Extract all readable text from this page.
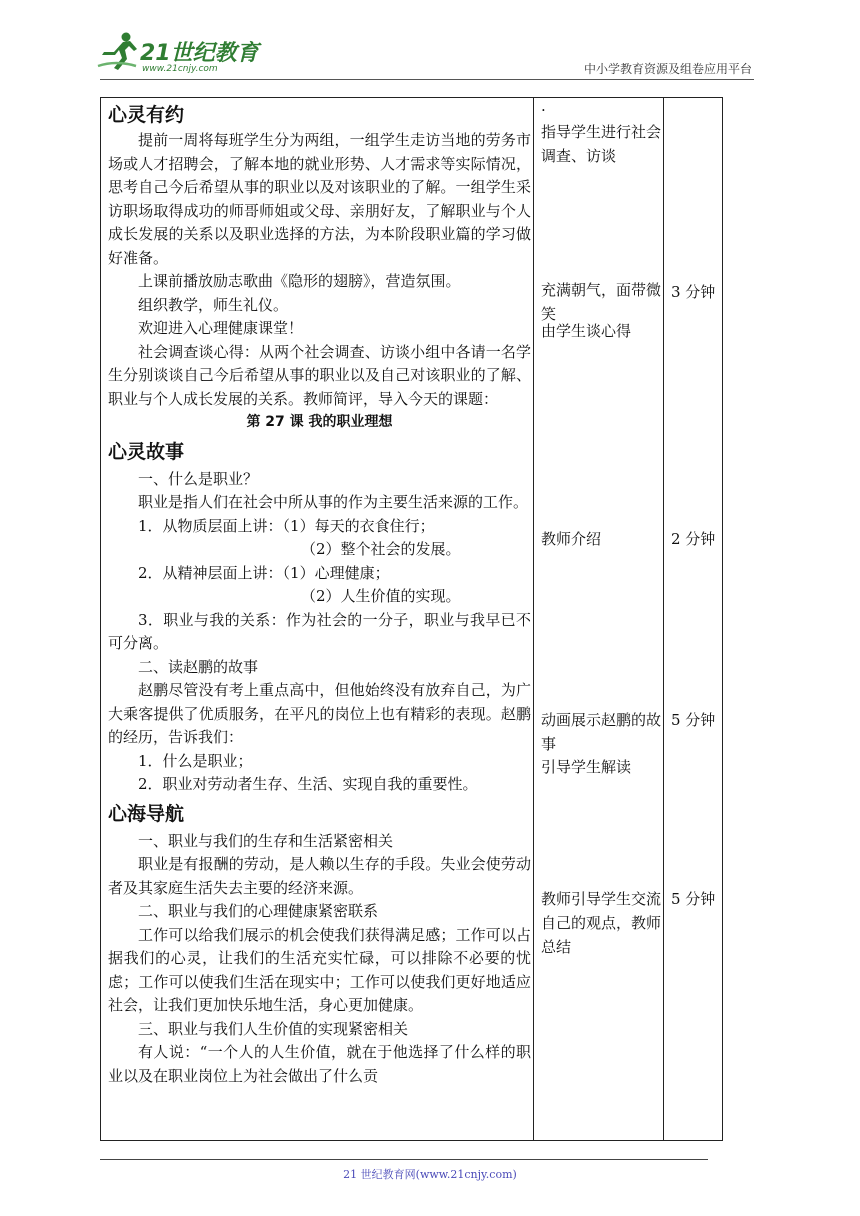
21世纪教育
www.21cnjy.com	中小学教育资源及组卷应用平台
心灵有约

提前一周将每班学生分为两组，一组学生走访当地的劳务市场或人才招聘会，了解本地的就业形势、人才需求等实际情况，思考自己今后希望从事的职业以及对该职业的了解。一组学生采访职场取得成功的师哥师姐或父母、亲朋好友，了解职业与个人成长发展的关系以及职业选择的方法，为本阶段职业篇的学习做好准备。

上课前播放励志歌曲《隐形的翅膀》，营造氛围。

组织教学，师生礼仪。

欢迎进入心理健康课堂！

社会调查谈心得：从两个社会调查、访谈小组中各请一名学生分别谈谈自己今后希望从事的职业以及自己对该职业的了解、职业与个人成长发展的关系。教师简评，导入今天的课题：

第 27 课 我的职业理想

心灵故事

一、什么是职业？

职业是指人们在社会中所从事的作为主要生活来源的工作。

1．从物质层面上讲：（1）每天的衣食住行；

（2）整个社会的发展。

2．从精神层面上讲：（1）心理健康；

（2）人生价值的实现。

3．职业与我的关系：作为社会的一分子，职业与我早已不可分离。

二、读赵鹏的故事

赵鹏尽管没有考上重点高中，但他始终没有放弃自己，为广大乘客提供了优质服务，在平凡的岗位上也有精彩的表现。赵鹏的经历，告诉我们：

1．什么是职业；

2．职业对劳动者生存、生活、实现自我的重要性。

心海导航

一、职业与我们的生存和生活紧密相关

职业是有报酬的劳动，是人赖以生存的手段。失业会使劳动者及其家庭生活失去主要的经济来源。

二、职业与我们的心理健康紧密联系

工作可以给我们展示的机会使我们获得满足感；工作可以占据我们的心灵，让我们的生活充实忙碌，可以排除不必要的忧虑；工作可以使我们生活在现实中；工作可以使我们更好地适应社会，让我们更加快乐地生活，身心更加健康。

三、职业与我们人生价值的实现紧密相关

有人说：“一个人的人生价值，就在于他选择了什么样的职业以及在职业岗位上为社会做出了什么贡

.
指导学生进行社会调查、访谈
充满朝气，面带微笑
由学生谈心得
教师介绍
动画展示赵鹏的故事
引导学生解读
教师引导学生交流自己的观点，教师总结
3 分钟
2 分钟
5 分钟
5 分钟
21 世纪教育网(www.21cnjy.com)
